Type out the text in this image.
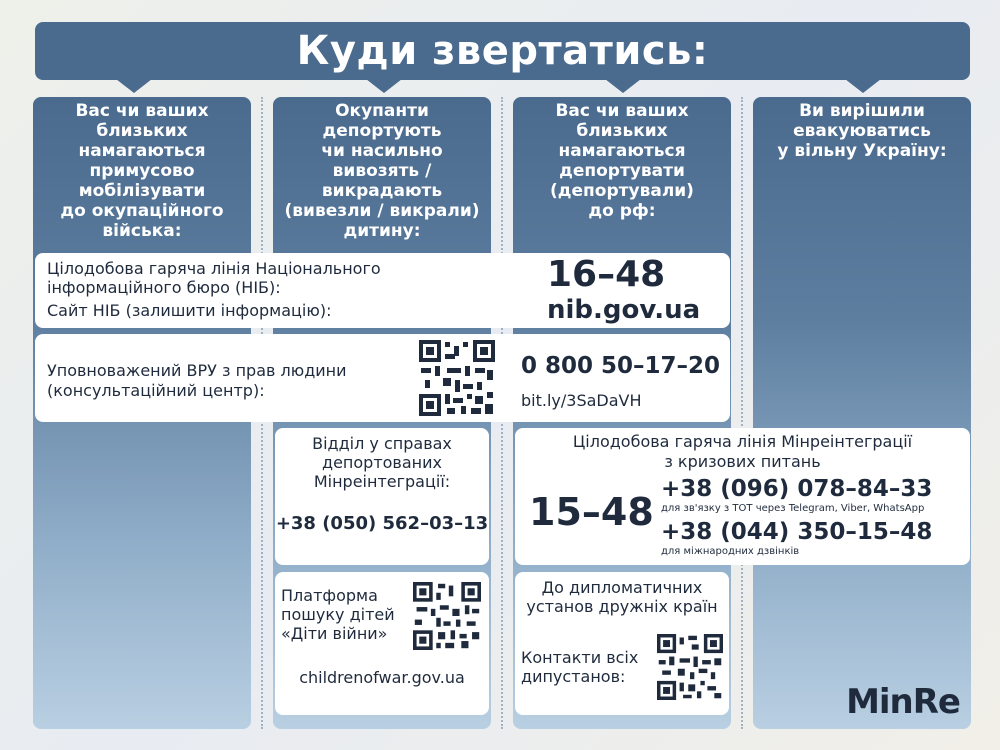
Куди звертатись:
Вас чи ваших
близьких
намагаються
примусово
мобілізувати
до окупаційного
війська:
Окупанти
депортують
чи насильно
вивозять /
викрадають
(вивезли / викрали)
дитину:
Вас чи ваших
близьких
намагаються
депортувати
(депортували)
до рф:
Ви вирішили
евакуюватись
у вільну Україну:
Цілодобова гаряча лінія Національного
інформаційного бюро (НІБ):
Сайт НІБ (залишити інформацію):
16–48
nib.gov.ua
Уповноважений ВРУ з прав людини
(консультаційний центр):
0 800 50–17–20
bit.ly/3SaDaVH
Відділ у справах
депортованих
Мінреінтеграції:
+38 (050) 562–03–13
Платформа
пошуку дітей
«Діти війни»
childrenofwar.gov.ua
Цілодобова гаряча лінія Мінреінтеграції
з кризових питань
15–48
+38 (096) 078–84–33
для зв'язку з ТОТ через Telegram, Viber, WhatsApp
+38 (044) 350–15–48
для міжнародних дзвінків
До дипломатичних
установ дружніх країн
Контакти всіх
дипустанов:
MinRe
